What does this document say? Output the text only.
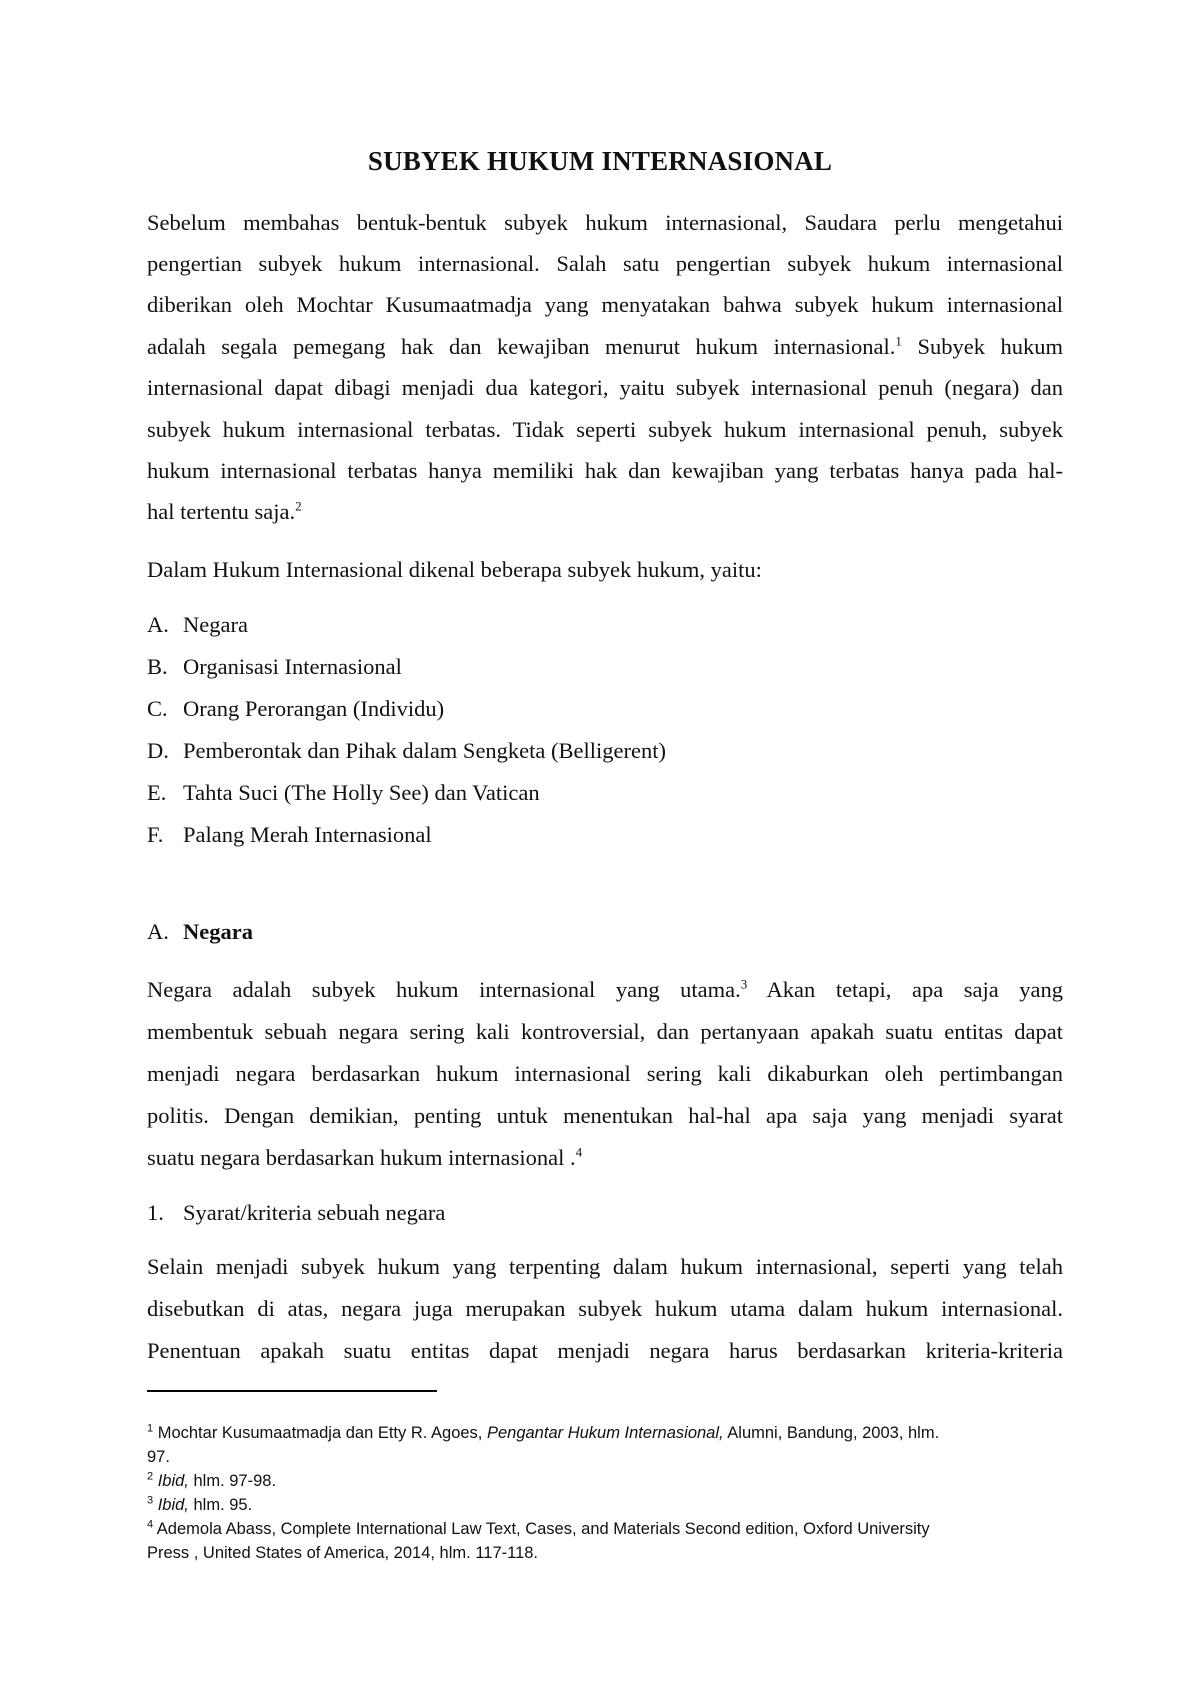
SUBYEK HUKUM INTERNASIONAL
Sebelum membahas bentuk-bentuk subyek hukum internasional, Saudara perlu mengetahui
pengertian subyek hukum internasional. Salah satu pengertian subyek hukum internasional
diberikan oleh Mochtar Kusumaatmadja yang menyatakan bahwa subyek hukum internasional
adalah segala pemegang hak dan kewajiban menurut hukum internasional.$^1$ Subyek hukum
internasional dapat dibagi menjadi dua kategori, yaitu subyek internasional penuh (negara) dan
subyek hukum internasional terbatas. Tidak seperti subyek hukum internasional penuh, subyek
hukum internasional terbatas hanya memiliki hak dan kewajiban yang terbatas hanya pada hal-
hal tertentu saja.$^2$
Dalam Hukum Internasional dikenal beberapa subyek hukum, yaitu:
A. Negara
B. Organisasi Internasional
C. Orang Perorangan (Individu)
D. Pemberontak dan Pihak dalam Sengketa (Belligerent)
E. Tahta Suci (The Holly See) dan Vatican
F. Palang Merah Internasional
A. Negara
Negara adalah subyek hukum internasional yang utama.$^3$ Akan tetapi, apa saja yang
membentuk sebuah negara sering kali kontroversial, dan pertanyaan apakah suatu entitas dapat
menjadi negara berdasarkan hukum internasional sering kali dikaburkan oleh pertimbangan
politis. Dengan demikian, penting untuk menentukan hal-hal apa saja yang menjadi syarat
suatu negara berdasarkan hukum internasional .$^4$
1. Syarat/kriteria sebuah negara
Selain menjadi subyek hukum yang terpenting dalam hukum internasional, seperti yang telah
disebutkan di atas, negara juga merupakan subyek hukum utama dalam hukum internasional.
Penentuan apakah suatu entitas dapat menjadi negara harus berdasarkan kriteria-kriteria
$^1$ Mochtar Kusumaatmadja dan Etty R. Agoes, Pengantar Hukum Internasional, Alumni, Bandung, 2003, hlm.
97.
$^2$ Ibid, hlm. 97-98.
$^3$ Ibid, hlm. 95.
$^4$ Ademola Abass, Complete International Law Text, Cases, and Materials Second edition, Oxford University
Press , United States of America, 2014, hlm. 117-118.
